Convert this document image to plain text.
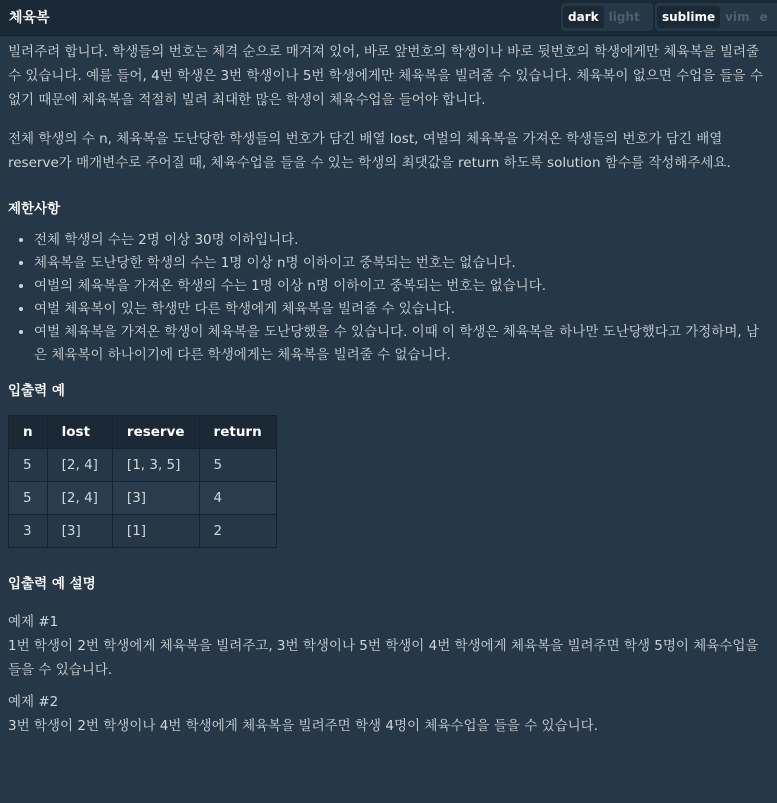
체육복	dark light	sublime vim e

빌려주려 합니다. 학생들의 번호는 체격 순으로 매겨져 있어, 바로 앞번호의 학생이나 바로 뒷번호의 학생에게만 체육복을 빌려줄 수 있습니다. 예를 들어, 4번 학생은 3번 학생이나 5번 학생에게만 체육복을 빌려줄 수 있습니다. 체육복이 없으면 수업을 들을 수 없기 때문에 체육복을 적절히 빌려 최대한 많은 학생이 체육수업을 들어야 합니다.

전체 학생의 수 n, 체육복을 도난당한 학생들의 번호가 담긴 배열 lost, 여벌의 체육복을 가져온 학생들의 번호가 담긴 배열 reserve가 매개변수로 주어질 때, 체육수업을 들을 수 있는 학생의 최댓값을 return 하도록 solution 함수를 작성해주세요.

제한사항
• 전체 학생의 수는 2명 이상 30명 이하입니다.
• 체육복을 도난당한 학생의 수는 1명 이상 n명 이하이고 중복되는 번호는 없습니다.
• 여벌의 체육복을 가져온 학생의 수는 1명 이상 n명 이하이고 중복되는 번호는 없습니다.
• 여벌 체육복이 있는 학생만 다른 학생에게 체육복을 빌려줄 수 있습니다.
• 여벌 체육복을 가져온 학생이 체육복을 도난당했을 수 있습니다. 이때 이 학생은 체육복을 하나만 도난당했다고 가정하며, 남은 체육복이 하나이기에 다른 학생에게는 체육복을 빌려줄 수 없습니다.
입출력 예
n	lost	reserve	return
5	[2, 4]	[1, 3, 5]	5
5	[2, 4]	[3]	4
3	[3]	[1]	2
입출력 예 설명

예제 #1

1번 학생이 2번 학생에게 체육복을 빌려주고, 3번 학생이나 5번 학생이 4번 학생에게 체육복을 빌려주면 학생 5명이 체육수업을 들을 수 있습니다.

예제 #2

3번 학생이 2번 학생이나 4번 학생에게 체육복을 빌려주면 학생 4명이 체육수업을 들을 수 있습니다.
